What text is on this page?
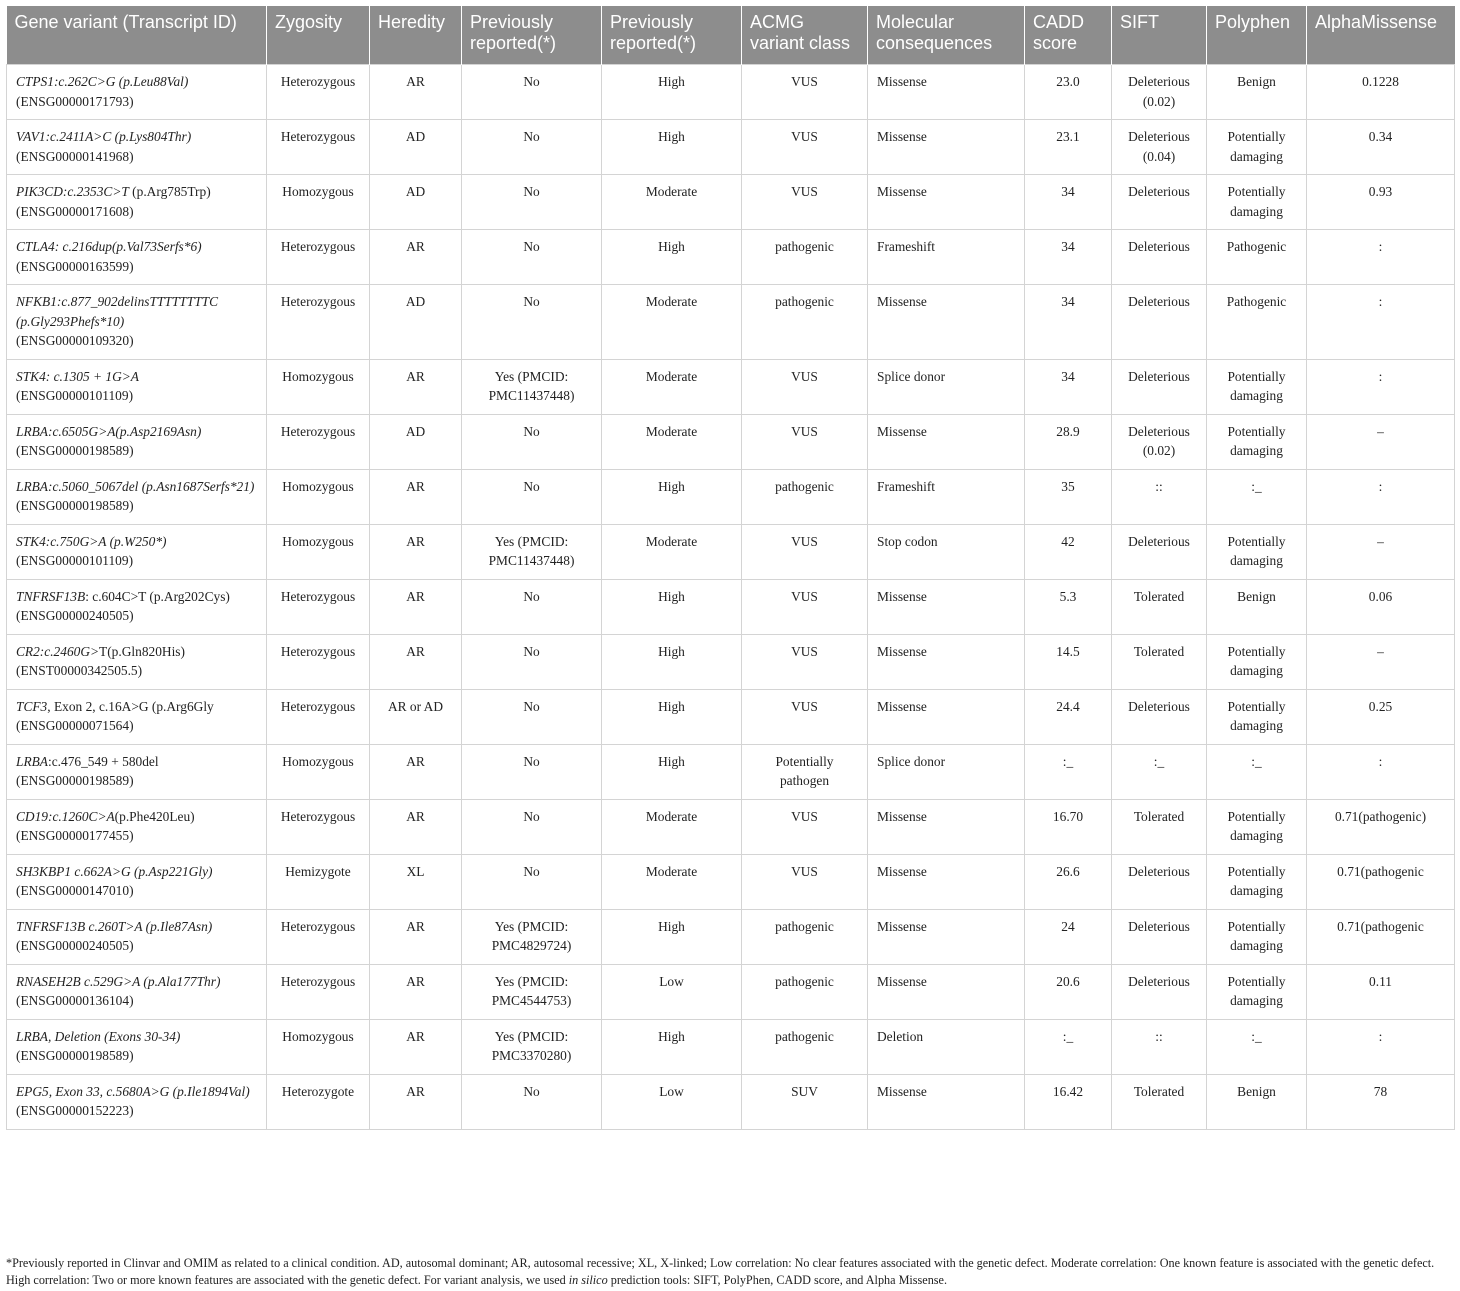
Gene variant (Transcript ID)	Zygosity	Heredity	Previously reported(*)	Previously reported(*)	ACMG variant class	Molecular consequences	CADD score	SIFT	Polyphen	AlphaMissense
CTPS1:c.262C>G (p.Leu88Val)
(ENSG00000171793)	Heterozygous	AR	No	High	VUS	Missense	23.0	Deleterious (0.02)	Benign	0.1228
VAV1:c.2411A>C (p.Lys804Thr)
(ENSG00000141968)	Heterozygous	AD	No	High	VUS	Missense	23.1	Deleterious (0.04)	Potentially damaging	0.34
PIK3CD:c.2353C>T (p.Arg785Trp)
(ENSG00000171608)	Homozygous	AD	No	Moderate	VUS	Missense	34	Deleterious	Potentially damaging	0.93
CTLA4: c.216dup(p.Val73Serfs*6)
(ENSG00000163599)	Heterozygous	AR	No	High	pathogenic	Frameshift	34	Deleterious	Pathogenic	:
NFKB1:c.877_902delinsTTTTTTTTC (p.Gly293Phefs*10)
(ENSG00000109320)	Heterozygous	AD	No	Moderate	pathogenic	Missense	34	Deleterious	Pathogenic	:
STK4: c.1305 + 1G>A
(ENSG00000101109)	Homozygous	AR	Yes (PMCID: PMC11437448)	Moderate	VUS	Splice donor	34	Deleterious	Potentially damaging	:
LRBA:c.6505G>A(p.Asp2169Asn)
(ENSG00000198589)	Heterozygous	AD	No	Moderate	VUS	Missense	28.9	Deleterious (0.02)	Potentially damaging	–
LRBA:c.5060_5067del (p.Asn1687Serfs*21)
(ENSG00000198589)	Homozygous	AR	No	High	pathogenic	Frameshift	35	::	:_	:
STK4:c.750G>A (p.W250*)
(ENSG00000101109)	Homozygous	AR	Yes (PMCID: PMC11437448)	Moderate	VUS	Stop codon	42	Deleterious	Potentially damaging	–
TNFRSF13B: c.604C>T (p.Arg202Cys)
(ENSG00000240505)	Heterozygous	AR	No	High	VUS	Missense	5.3	Tolerated	Benign	0.06
CR2:c.2460G>T(p.Gln820His)
(ENST00000342505.5)	Heterozygous	AR	No	High	VUS	Missense	14.5	Tolerated	Potentially damaging	–
TCF3, Exon 2, c.16A>G (p.Arg6Gly
(ENSG00000071564)	Heterozygous	AR or AD	No	High	VUS	Missense	24.4	Deleterious	Potentially damaging	0.25
LRBA:c.476_549 + 580del
(ENSG00000198589)	Homozygous	AR	No	High	Potentially pathogen	Splice donor	:_	:_	:_	:
CD19:c.1260C>A(p.Phe420Leu)
(ENSG00000177455)	Heterozygous	AR	No	Moderate	VUS	Missense	16.70	Tolerated	Potentially damaging	0.71(pathogenic)
SH3KBP1 c.662A>G (p.Asp221Gly)
(ENSG00000147010)	Hemizygote	XL	No	Moderate	VUS	Missense	26.6	Deleterious	Potentially damaging	0.71(pathogenic
TNFRSF13B c.260T>A (p.Ile87Asn)
(ENSG00000240505)	Heterozygous	AR	Yes (PMCID: PMC4829724)	High	pathogenic	Missense	24	Deleterious	Potentially damaging	0.71(pathogenic
RNASEH2B c.529G>A (p.Ala177Thr)
(ENSG00000136104)	Heterozygous	AR	Yes (PMCID: PMC4544753)	Low	pathogenic	Missense	20.6	Deleterious	Potentially damaging	0.11
LRBA, Deletion (Exons 30-34)
(ENSG00000198589)	Homozygous	AR	Yes (PMCID: PMC3370280)	High	pathogenic	Deletion	:_	::	:_	:
EPG5, Exon 33, c.5680A>G (p.Ile1894Val)
(ENSG00000152223)	Heterozygote	AR	No	Low	SUV	Missense	16.42	Tolerated	Benign	78
*Previously reported in Clinvar and OMIM as related to a clinical condition. AD, autosomal dominant; AR, autosomal recessive; XL, X-linked; Low correlation: No clear features associated with the genetic defect. Moderate correlation: One known feature is associated with the genetic defect. High correlation: Two or more known features are associated with the genetic defect. For variant analysis, we used in silico prediction tools: SIFT, PolyPhen, CADD score, and Alpha Missense.
